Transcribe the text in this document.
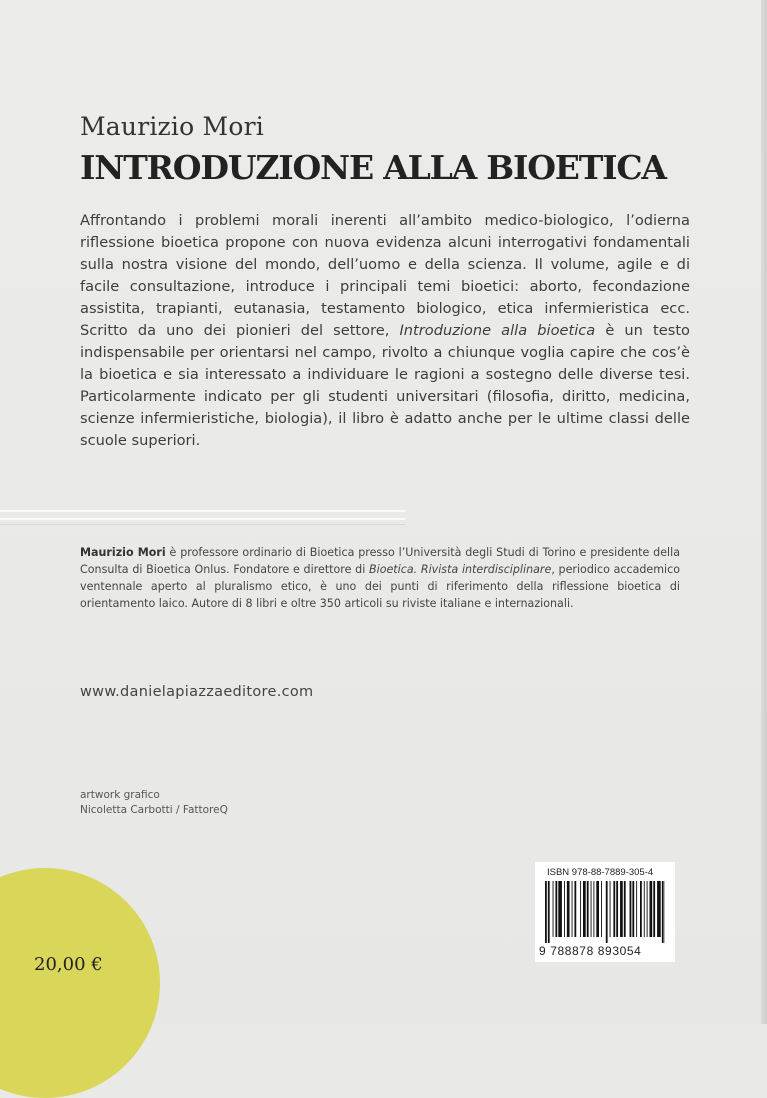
Maurizio Mori
INTRODUZIONE ALLA BIOETICA
Affrontando i problemi morali inerenti all’ambito medico-biologico, l’odierna riflessione bioetica propone con nuova evidenza alcuni interrogativi fondamentali sulla nostra visione del mondo, dell’uomo e della scienza. Il volume, agile e di facile consultazione, introduce i principali temi bioetici: aborto, fecondazione assistita, trapianti, eutanasia, testamento biologico, etica infermieristica ecc. Scritto da uno dei pionieri del settore, Introduzione alla bioetica è un testo indispensabile per orientarsi nel campo, rivolto a chiunque voglia capire che cos’è la bioetica e sia interessato a individuare le ragioni a sostegno delle diverse tesi. Particolarmente indicato per gli studenti universitari (filosofia, diritto, medicina, scienze infermieristiche, biologia), il libro è adatto anche per le ultime classi delle scuole superiori.
Maurizio Mori è professore ordinario di Bioetica presso l’Università degli Studi di Torino e presidente della Consulta di Bioetica Onlus. Fondatore e direttore di Bioetica. Rivista interdisciplinare, periodico accademico ventennale aperto al pluralismo etico, è uno dei punti di riferimento della riflessione bioetica di orientamento laico. Autore di 8 libri e oltre 350 articoli su riviste italiane e internazionali.
www.danielapiazzaeditore.com
artwork grafico
Nicoletta Carbotti / FattoreQ
20,00 €
ISBN 978-88-7889-305-4
9 788878 893054
